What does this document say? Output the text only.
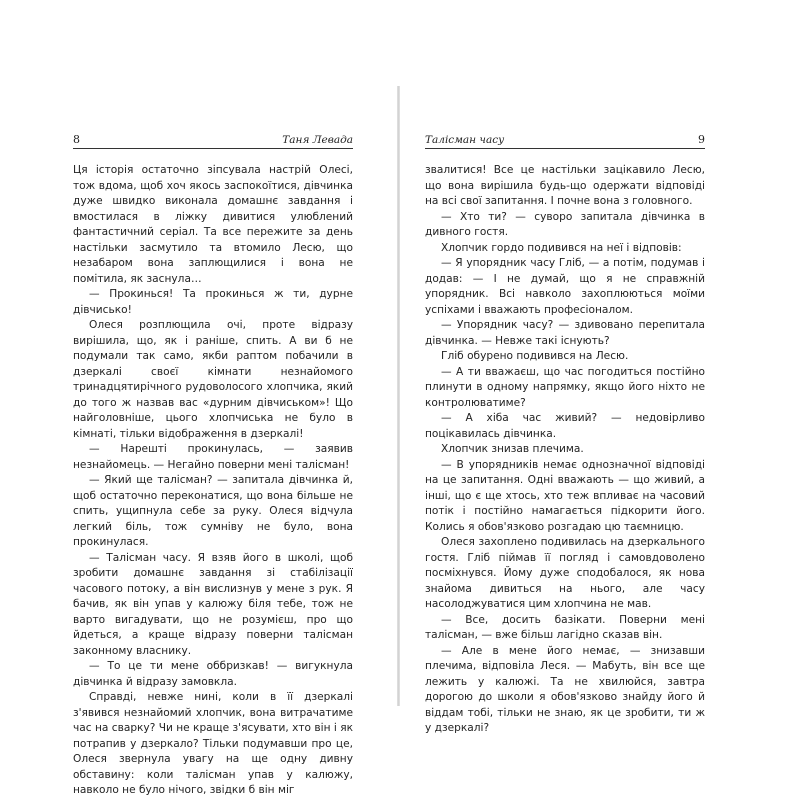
8	Таня Левада

Ця історія остаточно зіпсувала настрій Олесі, тож вдома, щоб хоч якось заспокоїтися, дівчинка дуже швидко виконала домашнє завдання і вмостилася в ліжку дивитися улюблений фантастичний серіал. Та все пережите за день настільки засмутило та втомило Лесю, що незабаром вона заплющилися і вона не помітила, як заснула…

— Прокинься! Та прокинься ж ти, дурне дівчисько!

Олеся розплющила очі, проте відразу вирішила, що, як і раніше, спить. А ви б не подумали так само, якби раптом побачили в дзеркалі своєї кімнати незнайомого тринадцятирічного рудоволосого хлопчика, який до того ж назвав вас «дурним дівчиськом»! Що найголовніше, цього хлопчиська не було в кімнаті, тільки відображення в дзеркалі!

— Нарешті прокинулась, — заявив незнайомець. — Негайно поверни мені талісман!

— Який ще талісман? — запитала дівчинка й, щоб остаточно переконатися, що вона більше не спить, ущипнула себе за руку. Олеся відчула легкий біль, тож сумніву не було, вона прокинулася.

— Талісман часу. Я взяв його в школі, щоб зробити домашнє завдання зі стабілізації часового потоку, а він вислизнув у мене з рук. Я бачив, як він упав у калюжу біля тебе, тож не варто вигадувати, що не розумієш, про що йдеться, а краще відразу поверни талісман законному власнику.

— То це ти мене оббризкав! — вигукнула дівчинка й відразу замовкла.

Справді, невже нині, коли в її дзеркалі з'явився незнайомий хлопчик, вона витрачатиме час на сварку? Чи не краще з'ясувати, хто він і як потрапив у дзеркало? Тільки подумавши про це, Олеся звернула увагу на ще одну дивну обставину: коли талісман упав у калюжу, навколо не було нічого, звідки б він міг

Талісман часу	9

звалитися! Все це настільки зацікавило Лесю, що вона вирішила будь-що одержати відповіді на всі свої запитання. І почне вона з головного.

— Хто ти? — суворо запитала дівчинка в дивного гостя.

Хлопчик гордо подивився на неї і відповів:

— Я упорядник часу Гліб, — а потім, подумав і додав: — І не думай, що я не справжній упорядник. Всі навколо захоплюються моїми успіхами і вважають професіоналом.

— Упорядник часу? — здивовано перепитала дівчинка. — Невже такі існують?

Гліб обурено подивився на Лесю.

— А ти вважаєш, що час погодиться постійно плинути в одному напрямку, якщо його ніхто не контролюватиме?

— А хіба час живий? — недовірливо поцікавилась дівчинка.

Хлопчик знизав плечима.

— В упорядників немає однозначної відповіді на це запитання. Одні вважають — що живий, а інші, що є ще хтось, хто теж впливає на часовий потік і постійно намагається підкорити його. Колись я обов'язково розгадаю цю таємницю.

Олеся захоплено подивилась на дзеркального гостя. Гліб піймав її погляд і самовдоволено посміхнувся. Йому дуже сподобалося, як нова знайома дивиться на нього, але часу насолоджуватися цим хлопчина не мав.

— Все, досить базікати. Поверни мені талісман, — вже більш лагідно сказав він.

— Але в мене його немає, — знизавши плечима, відповіла Леся. — Мабуть, він все ще лежить у калюжі. Та не хвилюйся, завтра дорогою до школи я обов'язково знайду його й віддам тобі, тільки не знаю, як це зробити, ти ж у дзеркалі?
